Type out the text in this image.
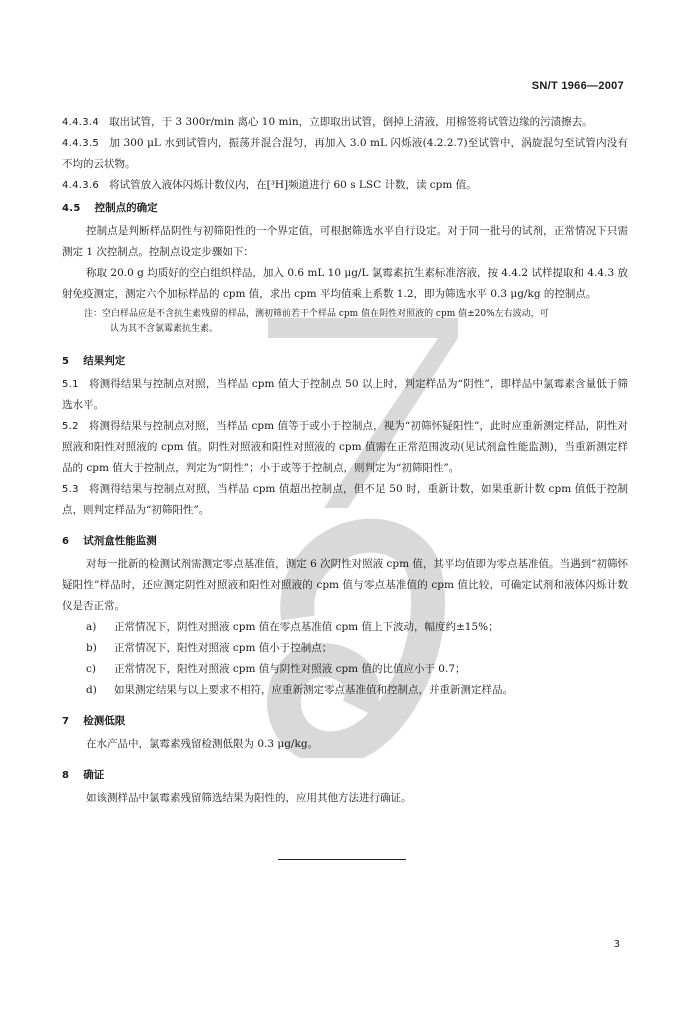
SN/T 1966—2007

4.4.3.4 取出试管，于 3 300r/min 离心 10 min，立即取出试管，倒掉上清液，用棉签将试管边缘的污渍擦去。

4.4.3.5 加 300 μL 水到试管内，振荡并混合混匀，再加入 3.0 mL 闪烁液(4.2.2.7)至试管中，涡旋混匀至试管内没有不均的云状物。

4.4.3.6 将试管放入液体闪烁计数仪内，在[³H]频道进行 60 s LSC 计数，读 cpm 值。

4.5 控制点的确定

控制点是判断样品阴性与初筛阳性的一个界定值，可根据筛选水平自行设定。对于同一批号的试剂，正常情况下只需测定 1 次控制点。控制点设定步骤如下：

称取 20.0 g 均质好的空白组织样品，加入 0.6 mL 10 μg/L 氯霉素抗生素标准溶液，按 4.4.2 试样提取和 4.4.3 放射免疫测定，测定六个加标样品的 cpm 值，求出 cpm 平均值乘上系数 1.2，即为筛选水平 0.3 μg/kg 的控制点。

注：空白样品应是不含抗生素残留的样品，测初筛前若干个样品 cpm 值在阴性对照液的 cpm 值±20%左右波动，可
认为其不含氯霉素抗生素。
5 结果判定

5.1 将测得结果与控制点对照，当样品 cpm 值大于控制点 50 以上时，判定样品为“阴性”，即样品中氯霉素含量低于筛选水平。

5.2 将测得结果与控制点对照，当样品 cpm 值等于或小于控制点，视为“初筛怀疑阳性”，此时应重新测定样品，阴性对照液和阳性对照液的 cpm 值。阴性对照液和阳性对照液的 cpm 值需在正常范围波动(见试剂盒性能监测)，当重新测定样品的 cpm 值大于控制点，判定为“阴性”；小于或等于控制点，则判定为“初筛阳性”。

5.3 将测得结果与控制点对照，当样品 cpm 值超出控制点，但不足 50 时，重新计数，如果重新计数 cpm 值低于控制点，则判定样品为“初筛阳性”。

6 试剂盒性能监测

对每一批新的检测试剂需测定零点基准值，测定 6 次阴性对照液 cpm 值，其平均值即为零点基准值。当遇到“初筛怀疑阳性”样品时，还应测定阴性对照液和阳性对照液的 cpm 值与零点基准值的 cpm 值比较，可确定试剂和液体闪烁计数仪是否正常。

a)	正常情况下，阴性对照液 cpm 值在零点基准值 cpm 值上下波动，幅度约±15%；
b)	正常情况下，阳性对照液 cpm 值小于控制点；
c)	正常情况下，阳性对照液 cpm 值与阴性对照液 cpm 值的比值应小于 0.7；
d)	如果测定结果与以上要求不相符，应重新测定零点基准值和控制点，并重新测定样品。
7 检测低限

在水产品中，氯霉素残留检测低限为 0.3 μg/kg。

8 确证

如该测样品中氯霉素残留筛选结果为阳性的，应用其他方法进行确证。

3
